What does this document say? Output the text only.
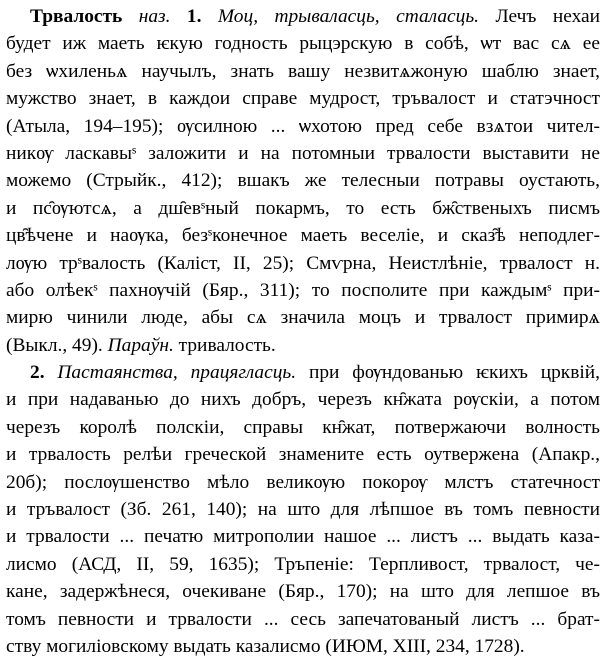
Трвалость наз. 1. Моц, трываласць, сталасць. Лечъ нехаи
будет иж маеть ѥкую годность рыцэрскую в собѣ, ѡт вас сѧ ее
без ѡхиленьѧ научылъ, знать вашу незвитѧжоную шаблю знает,
мужство знает, в каждои справе мудрост, тръвалост и статэчност
(Атыла, 194–195); ѹсилною ... ѡхотою пред себе взѧтои чител-
никѹ ласкавыˢ заложити и на потомныи трвалости выставити не
можемо (Стрыйк., 412); вшакъ же телесныи потравы оустають,
и пс̑ѹютсѧ, а дш̑евˢный покармъ, то есть бж̑ственыхъ писмъ
цв̑ѣчене и наѹка, безˢконечное маеть веселіе, и сказ̑ѣ неподлег-
лѹю трˢвалость (Каліст, ІІ, 25); Смѵрна, Неистлѣніе, трвалост н.
або олѣекˢ пахнѹчій (Бяр., 311); то посполите при каждымˢ при-
мирю чинили люде, абы сѧ значила моцъ и трвалост примирѧ
(Выкл., 49). Параўн. тривалость.
2. Пастаянства, працяглаcць. при фѹндованью ѥкихъ црквій,
и при надаванью до нихъ добръ, черезъ кн̑жата рѹскіи, а потом
черезъ королѣ полскіи, справы кн̑жат, потвержаючи волность
и трвалость релѣи греческой знамените есть оутвержена (Апакр.,
20б); послѹшенство мѣло великѹю покорѹ млстъ статечност
и тръвалост (Зб. 261, 140); на што для лѣпшое въ томъ певности
и трвалости ... печатю митрополии нашое ... листъ ... выдать каза-
лисмо (АСД, ІІ, 59, 1635); Тръпеніе: Терпливост, трвалост, че-
кане, задержѣнеся, очекиване (Бяр., 170); на што для лепшое въ
томъ певности и трвалости ... сесь запечатованый листъ ... брат-
ству могилiовскому выдать казалисмо (ИЮМ, ХІІІ, 234, 1728).
